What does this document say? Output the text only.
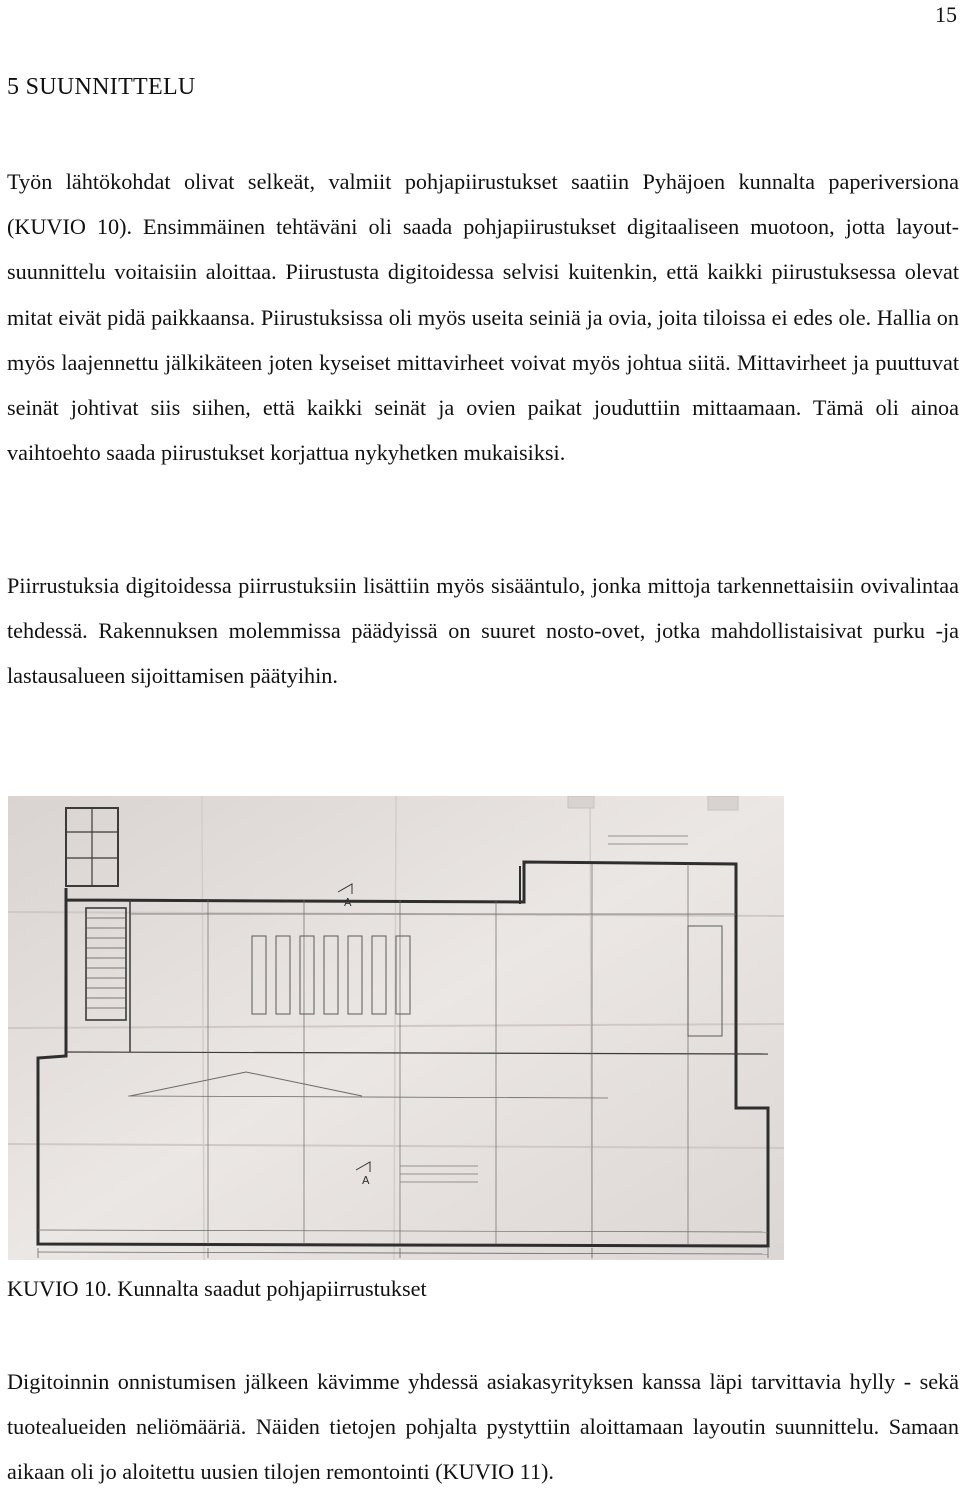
15
5 SUUNNITTELU

Työn lähtökohdat olivat selkeät, valmiit pohjapiirustukset saatiin Pyhäjoen kunnalta paperiversiona (KUVIO 10). Ensimmäinen tehtäväni oli saada pohjapiirustukset digitaaliseen muotoon, jotta layout-suunnittelu voitaisiin aloittaa. Piirustusta digitoidessa selvisi kuitenkin, että kaikki piirustuksessa olevat mitat eivät pidä paikkaansa. Piirustuksissa oli myös useita seiniä ja ovia, joita tiloissa ei edes ole. Hallia on myös laajennettu jälkikäteen joten kyseiset mittavirheet voivat myös johtua siitä. Mittavirheet ja puuttuvat seinät johtivat siis siihen, että kaikki seinät ja ovien paikat jouduttiin mittaamaan. Tämä oli ainoa vaihtoehto saada piirustukset korjattua nykyhetken mukaisiksi.

Piirrustuksia digitoidessa piirrustuksiin lisättiin myös sisääntulo, jonka mittoja tarkennettaisiin ovivalintaa tehdessä. Rakennuksen molemmissa päädyissä on suuret nosto-ovet, jotka mahdollistaisivat purku -ja lastausalueen sijoittamisen päätyihin.

A
A

KUVIO 10. Kunnalta saadut pohjapiirrustukset

Digitoinnin onnistumisen jälkeen kävimme yhdessä asiakasyrityksen kanssa läpi tarvittavia hylly - sekä tuotealueiden neliömääriä. Näiden tietojen pohjalta pystyttiin aloittamaan layoutin suunnittelu. Samaan aikaan oli jo aloitettu uusien tilojen remontointi (KUVIO 11).
